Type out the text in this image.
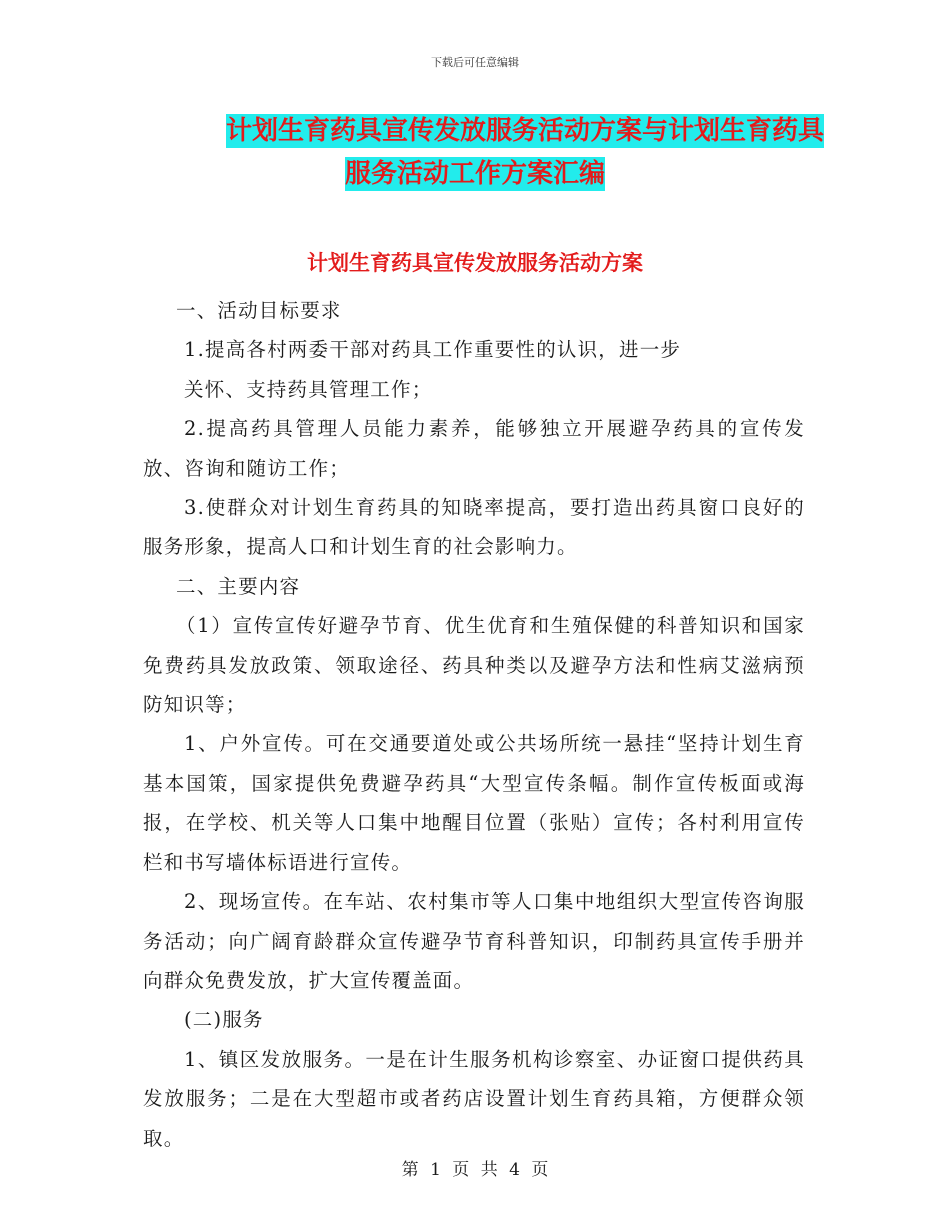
下载后可任意编辑
计划生育药具宣传发放服务活动方案与计划生育药具
服务活动工作方案汇编
计划生育药具宣传发放服务活动方案

一、活动目标要求

1.提高各村两委干部对药具工作重要性的认识，进一步

关怀、支持药具管理工作；

2.提高药具管理人员能力素养，能够独立开展避孕药具的宣传发放、咨询和随访工作；

3.使群众对计划生育药具的知晓率提高，要打造出药具窗口良好的服务形象，提高人口和计划生育的社会影响力。

二、主要内容

（1）宣传宣传好避孕节育、优生优育和生殖保健的科普知识和国家免费药具发放政策、领取途径、药具种类以及避孕方法和性病艾滋病预防知识等；

1、户外宣传。可在交通要道处或公共场所统一悬挂“坚持计划生育基本国策，国家提供免费避孕药具“大型宣传条幅。制作宣传板面或海报，在学校、机关等人口集中地醒目位置（张贴）宣传；各村利用宣传栏和书写墙体标语进行宣传。

2、现场宣传。在车站、农村集市等人口集中地组织大型宣传咨询服务活动；向广阔育龄群众宣传避孕节育科普知识，印制药具宣传手册并向群众免费发放，扩大宣传覆盖面。

(二)服务

1、镇区发放服务。一是在计生服务机构诊察室、办证窗口提供药具发放服务；二是在大型超市或者药店设置计划生育药具箱，方便群众领取。

第 1 页 共 4 页
